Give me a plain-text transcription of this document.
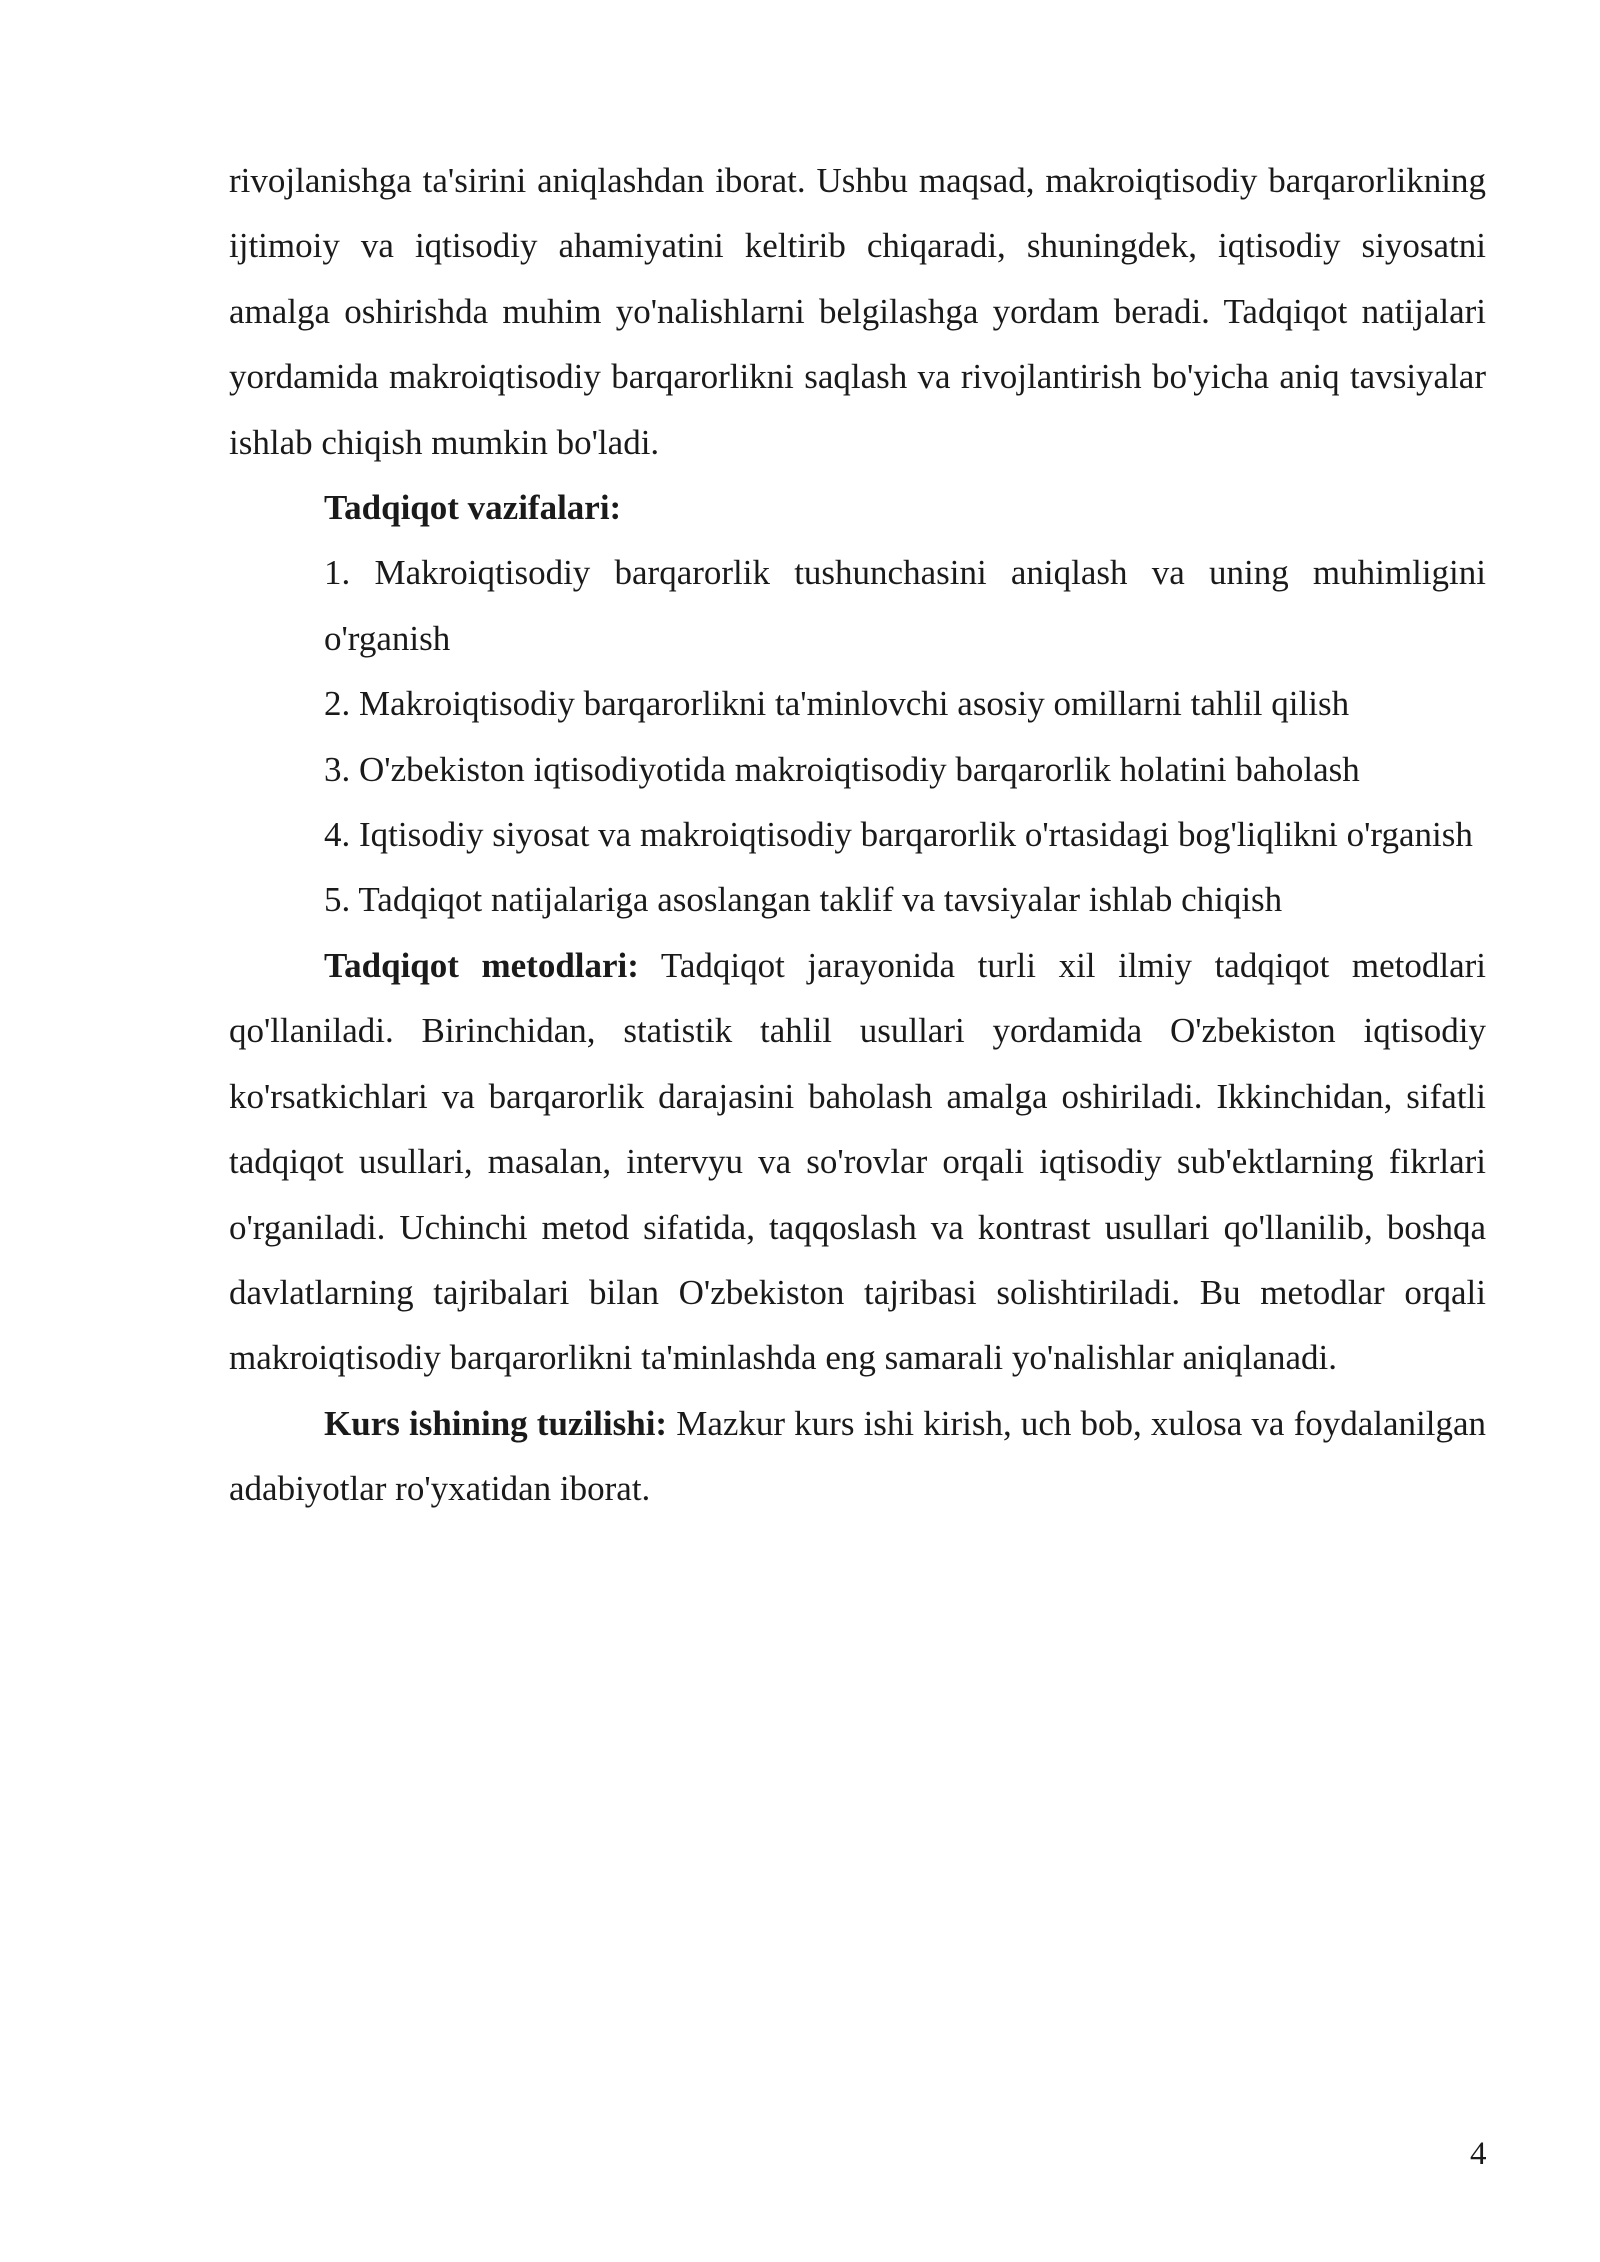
rivojlanishga ta'sirini aniqlashdan iborat. Ushbu maqsad, makroiqtisodiy barqarorlikning ijtimoiy va iqtisodiy ahamiyatini keltirib chiqaradi, shuningdek, iqtisodiy siyosatni amalga oshirishda muhim yo'nalishlarni belgilashga yordam beradi. Tadqiqot natijalari yordamida makroiqtisodiy barqarorlikni saqlash va rivojlantirish bo'yicha aniq tavsiyalar ishlab chiqish mumkin bo'ladi.

Tadqiqot vazifalari:

1. Makroiqtisodiy barqarorlik tushunchasini aniqlash va uning muhimligini o'rganish

2. Makroiqtisodiy barqarorlikni ta'minlovchi asosiy omillarni tahlil qilish

3. O'zbekiston iqtisodiyotida makroiqtisodiy barqarorlik holatini baholash

4. Iqtisodiy siyosat va makroiqtisodiy barqarorlik o'rtasidagi bog'liqlikni o'rganish

5. Tadqiqot natijalariga asoslangan taklif va tavsiyalar ishlab chiqish

Tadqiqot metodlari: Tadqiqot jarayonida turli xil ilmiy tadqiqot metodlari qo'llaniladi. Birinchidan, statistik tahlil usullari yordamida O'zbekiston iqtisodiy ko'rsatkichlari va barqarorlik darajasini baholash amalga oshiriladi. Ikkinchidan, sifatli tadqiqot usullari, masalan, intervyu va so'rovlar orqali iqtisodiy sub'ektlarning fikrlari o'rganiladi. Uchinchi metod sifatida, taqqoslash va kontrast usullari qo'llanilib, boshqa davlatlarning tajribalari bilan O'zbekiston tajribasi solishtiriladi. Bu metodlar orqali makroiqtisodiy barqarorlikni ta'minlashda eng samarali yo'nalishlar aniqlanadi.

Kurs ishining tuzilishi: Mazkur kurs ishi kirish, uch bob, xulosa va foydalanilgan adabiyotlar ro'yxatidan iborat.

4
